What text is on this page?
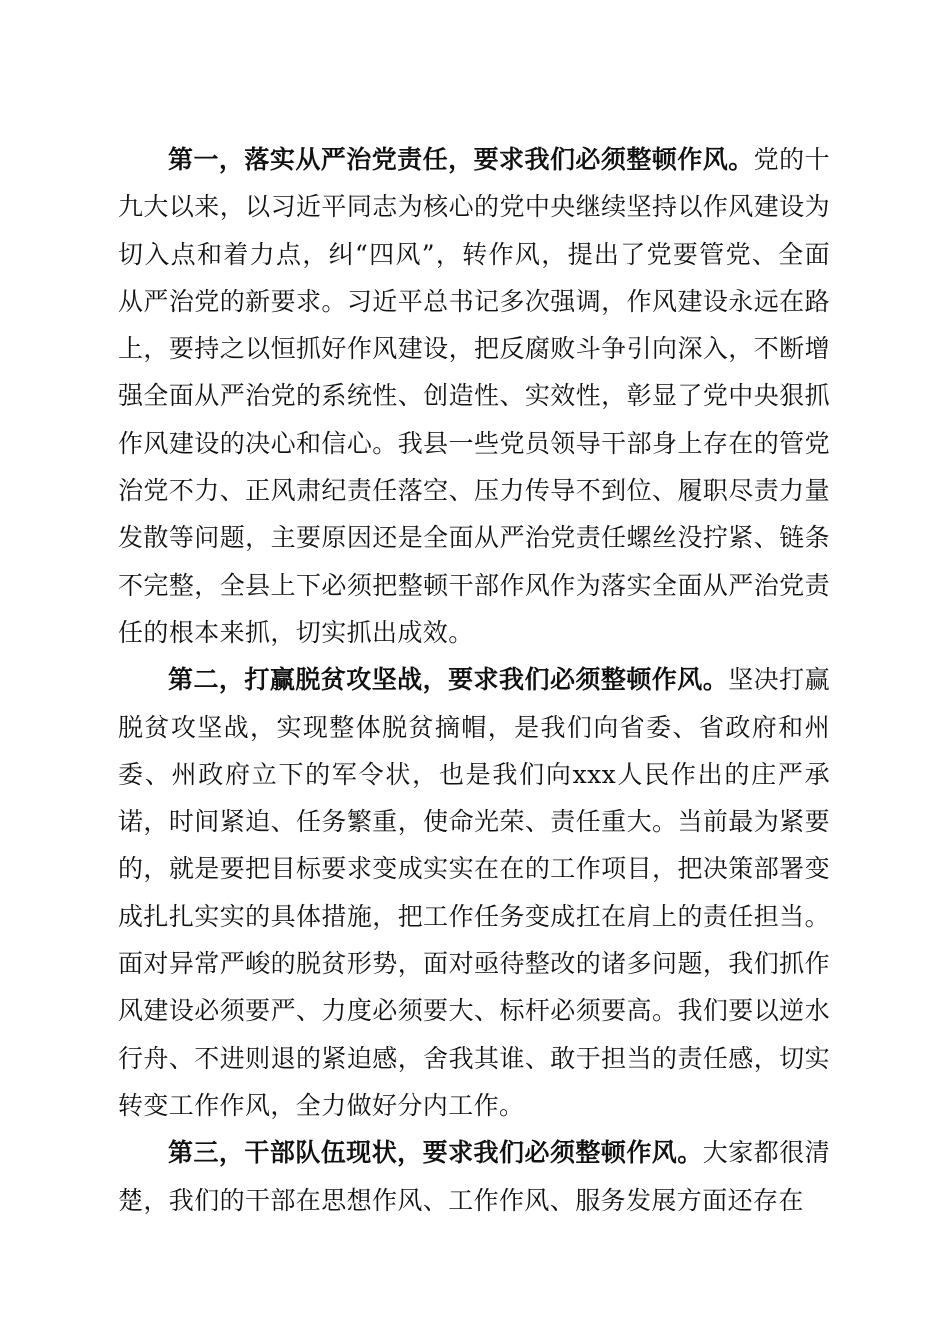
第一，落实从严治党责任，要求我们必须整顿作风。党的十九大以来，以习近平同志为核心的党中央继续坚持以作风建设为切入点和着力点，纠“四风”，转作风，提出了党要管党、全面从严治党的新要求。习近平总书记多次强调，作风建设永远在路上，要持之以恒抓好作风建设，把反腐败斗争引向深入，不断增强全面从严治党的系统性、创造性、实效性，彰显了党中央狠抓作风建设的决心和信心。我县一些党员领导干部身上存在的管党治党不力、正风肃纪责任落空、压力传导不到位、履职尽责力量发散等问题，主要原因还是全面从严治党责任螺丝没拧紧、链条不完整，全县上下必须把整顿干部作风作为落实全面从严治党责任的根本来抓，切实抓出成效。

第二，打赢脱贫攻坚战，要求我们必须整顿作风。坚决打赢脱贫攻坚战，实现整体脱贫摘帽，是我们向省委、省政府和州委、州政府立下的军令状，也是我们向xxx人民作出的庄严承诺，时间紧迫、任务繁重，使命光荣、责任重大。当前最为紧要的，就是要把目标要求变成实实在在的工作项目，把决策部署变成扎扎实实的具体措施，把工作任务变成扛在肩上的责任担当。面对异常严峻的脱贫形势，面对亟待整改的诸多问题，我们抓作风建设必须要严、力度必须要大、标杆必须要高。我们要以逆水行舟、不进则退的紧迫感，舍我其谁、敢于担当的责任感，切实转变工作作风，全力做好分内工作。

第三，干部队伍现状，要求我们必须整顿作风。大家都很清楚，我们的干部在思想作风、工作作风、服务发展方面还存在
